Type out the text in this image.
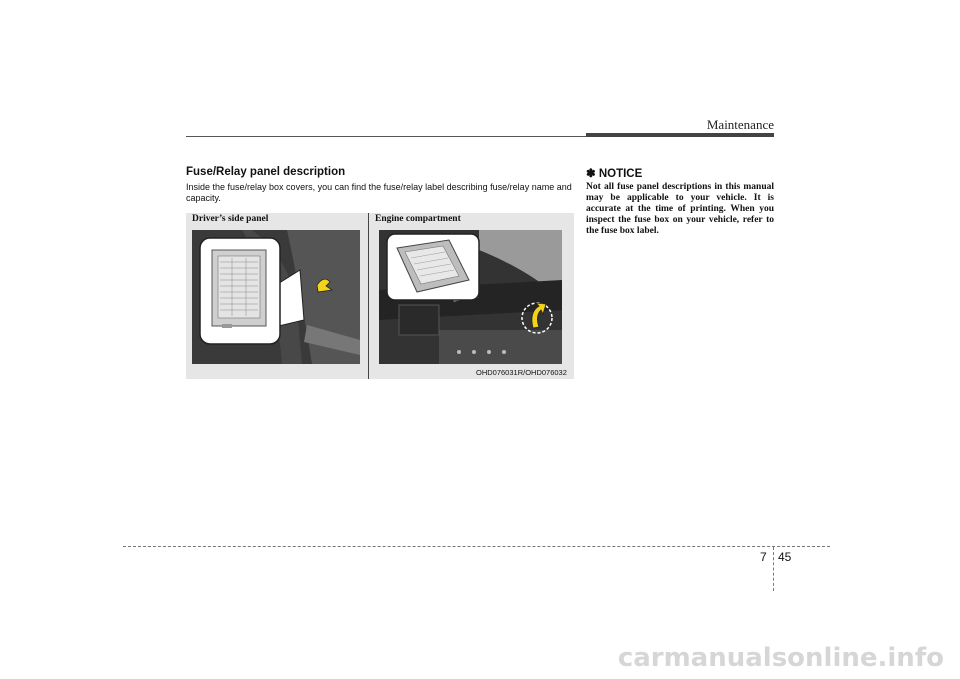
Maintenance
Fuse/Relay panel description
Inside the fuse/relay box covers, you can find the fuse/relay label describing fuse/relay name and capacity.
Driver’s side panel	Engine compartment
OHD076031R/OHD076032
✽ NOTICE
Not all fuse panel descriptions in this manual may be applicable to your vehicle. It is accurate at the time of printing. When you inspect the fuse box on your vehicle, refer to the fuse box label.
7 45
carmanualsonline.info
